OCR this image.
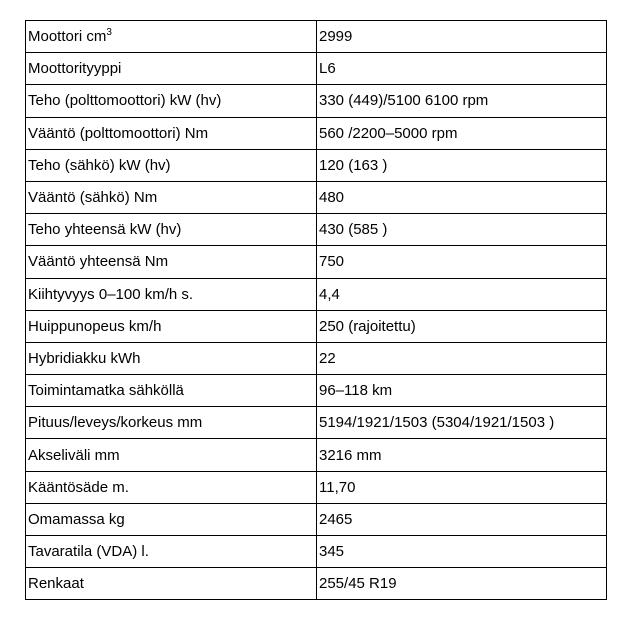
Moottori $cm^3$	2999
Moottorityyppi	L6
Teho (polttomoottori) kW (hv)	330 (449)/5100 6100 rpm
Vääntö (polttomoottori) Nm	560 /2200–5000 rpm
Teho (sähkö) kW (hv)	120 (163 )
Vääntö (sähkö) Nm	480
Teho yhteensä kW (hv)	430 (585 )
Vääntö yhteensä Nm	750
Kiihtyvyys 0–100 km/h s.	4,4
Huippunopeus km/h	250 (rajoitettu)
Hybridiakku kWh	22
Toimintamatka sähköllä	96–118 km
Pituus/leveys/korkeus mm	5194/1921/1503 (5304/1921/1503 )
Akseliväli mm	3216 mm
Kääntösäde m.	11,70
Omamassa kg	2465
Tavaratila (VDA) l.	345
Renkaat	255/45 R19
